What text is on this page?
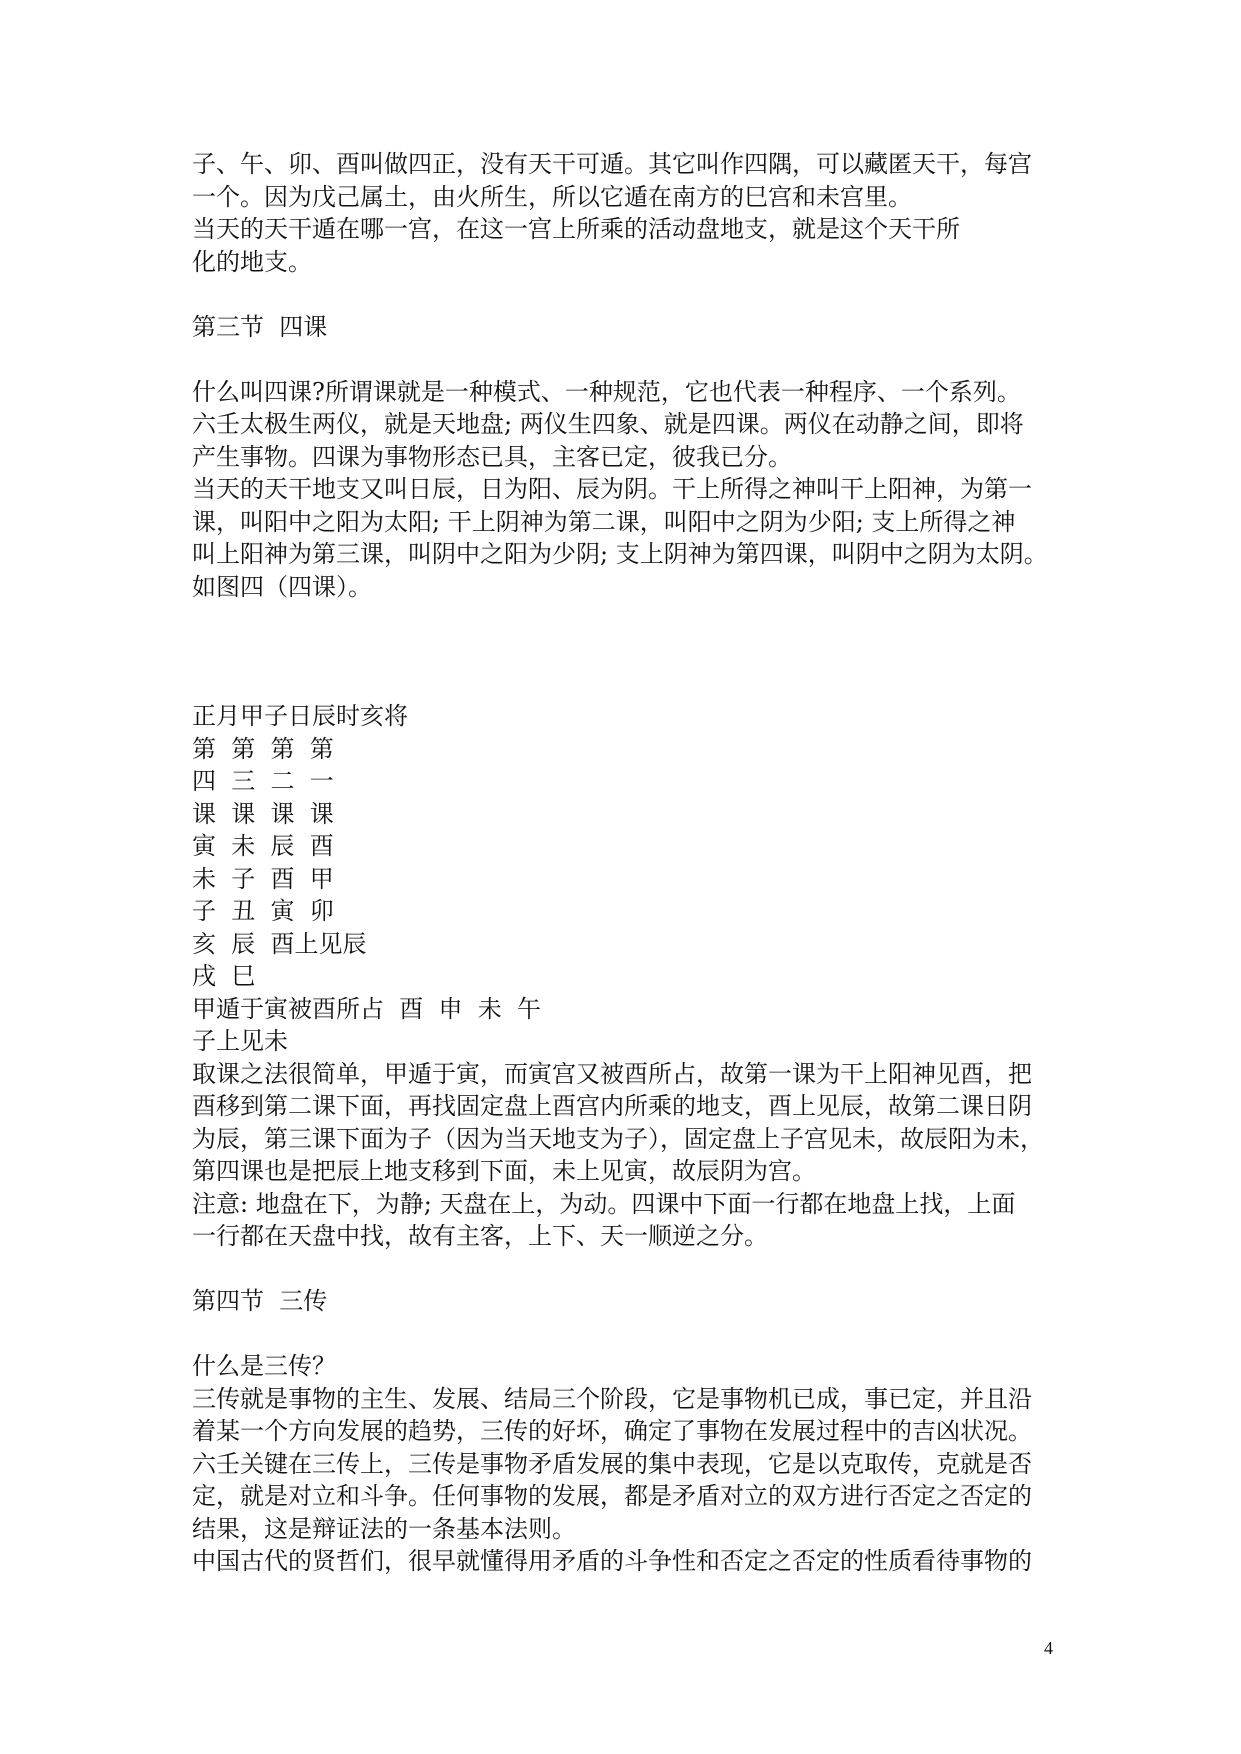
子、午、卯、酉叫做四正，没有天干可遁。其它叫作四隅，可以藏匿天干，每宫

一个。因为戊己属土，由火所生，所以它遁在南方的巳宫和未宫里。

当天的天干遁在哪一宫，在这一宫上所乘的活动盘地支，就是这个天干所

化的地支。

第三节  四课

什么叫四课?所谓课就是一种模式、一种规范，它也代表一种程序、一个系列。

六壬太极生两仪，就是天地盘; 两仪生四象、就是四课。两仪在动静之间，即将

产生事物。四课为事物形态已具，主客已定，彼我已分。

当天的天干地支又叫日辰，日为阳、辰为阴。干上所得之神叫干上阳神，为第一

课，叫阳中之阳为太阳; 干上阴神为第二课，叫阳中之阴为少阳; 支上所得之神

叫上阳神为第三课，叫阴中之阳为少阴; 支上阴神为第四课，叫阴中之阴为太阴。

如图四（四课）。

正月甲子日辰时亥将

第  第  第  第

四  三  二  一

课  课  课  课

寅  未  辰  酉

未  子  酉  甲

子  丑  寅  卯

亥  辰  酉上见辰

戌  巳

甲遁于寅被酉所占  酉  申  未  午

子上见未

取课之法很简单，甲遁于寅，而寅宫又被酉所占，故第一课为干上阳神见酉，把

酉移到第二课下面，再找固定盘上酉宫内所乘的地支，酉上见辰，故第二课日阴

为辰，第三课下面为子（因为当天地支为子），固定盘上子宫见未，故辰阳为未，

第四课也是把辰上地支移到下面，未上见寅，故辰阴为宫。

注意: 地盘在下，为静; 天盘在上，为动。四课中下面一行都在地盘上找，上面

一行都在天盘中找，故有主客，上下、天一顺逆之分。

第四节  三传

什么是三传？

三传就是事物的主生、发展、结局三个阶段，它是事物机已成，事已定，并且沿

着某一个方向发展的趋势，三传的好坏，确定了事物在发展过程中的吉凶状况。

六壬关键在三传上，三传是事物矛盾发展的集中表现，它是以克取传，克就是否

定，就是对立和斗争。任何事物的发展，都是矛盾对立的双方进行否定之否定的

结果，这是辩证法的一条基本法则。

中国古代的贤哲们，很早就懂得用矛盾的斗争性和否定之否定的性质看待事物的

4
